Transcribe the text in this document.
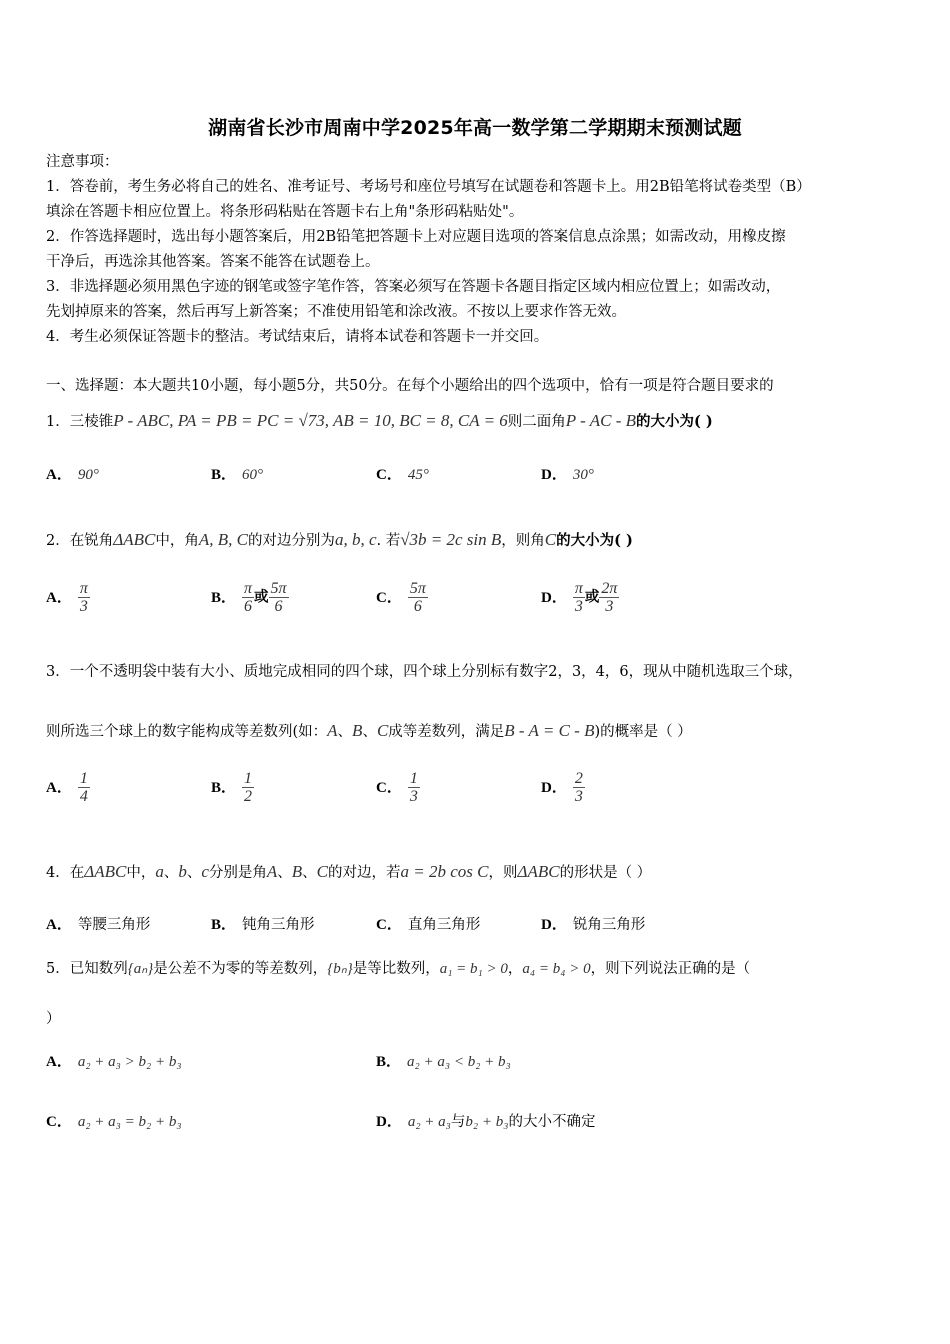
湖南省长沙市周南中学2025年高一数学第二学期期末预测试题
注意事项：
1．答卷前，考生务必将自己的姓名、准考证号、考场号和座位号填写在试题卷和答题卡上。用2B铅笔将试卷类型（B）
填涂在答题卡相应位置上。将条形码粘贴在答题卡右上角"条形码粘贴处"。
2．作答选择题时，选出每小题答案后，用2B铅笔把答题卡上对应题目选项的答案信息点涂黑；如需改动，用橡皮擦
干净后，再选涂其他答案。答案不能答在试题卷上。
3．非选择题必须用黑色字迹的钢笔或签字笔作答，答案必须写在答题卡各题目指定区域内相应位置上；如需改动，
先划掉原来的答案，然后再写上新答案；不准使用铅笔和涂改液。不按以上要求作答无效。
4．考生必须保证答题卡的整洁。考试结束后，请将本试卷和答题卡一并交回。
一、选择题：本大题共10小题，每小题5分，共50分。在每个小题给出的四个选项中，恰有一项是符合题目要求的
1．三棱锥P - ABC, PA = PB = PC = √73, AB = 10, BC = 8, CA = 6则二面角P - AC - B的大小为( )
A． 90°	B． 60°	C． 45°	D． 30°
2．在锐角ΔABC中，角A, B, C的对边分别为a, b, c. 若√3b = 2c sin B，则角C的大小为( )
A． $\frac{\pi}{3}$	B． $\frac{\pi}{6}$ 或 $\frac{5\pi}{6}$	C． $\frac{5\pi}{6}$	D． $\frac{\pi}{3}$ 或 $\frac{2\pi}{3}$
3．一个不透明袋中装有大小、质地完成相同的四个球，四个球上分别标有数字2，3，4，6，现从中随机选取三个球，
则所选三个球上的数字能构成等差数列(如：A、B、C成等差数列，满足B - A = C - B)的概率是（ ）
A． $\frac{1}{4}$	B． $\frac{1}{2}$	C． $\frac{1}{3}$	D． $\frac{2}{3}$
4．在ΔABC中，a、b、c分别是角A、B、C的对边，若a = 2b cos C，则ΔABC的形状是（ ）
A． 等腰三角形	B． 钝角三角形	C． 直角三角形	D． 锐角三角形
5．已知数列{aₙ}是公差不为零的等差数列，{bₙ}是等比数列，a₁ = b₁ > 0，a₄ = b₄ > 0，则下列说法正确的是（
）
A． a₂ + a₃ > b₂ + b₃	B． a₂ + a₃ < b₂ + b₃
C． a₂ + a₃ = b₂ + b₃	D． a₂ + a₃与b₂ + b₃的大小不确定
